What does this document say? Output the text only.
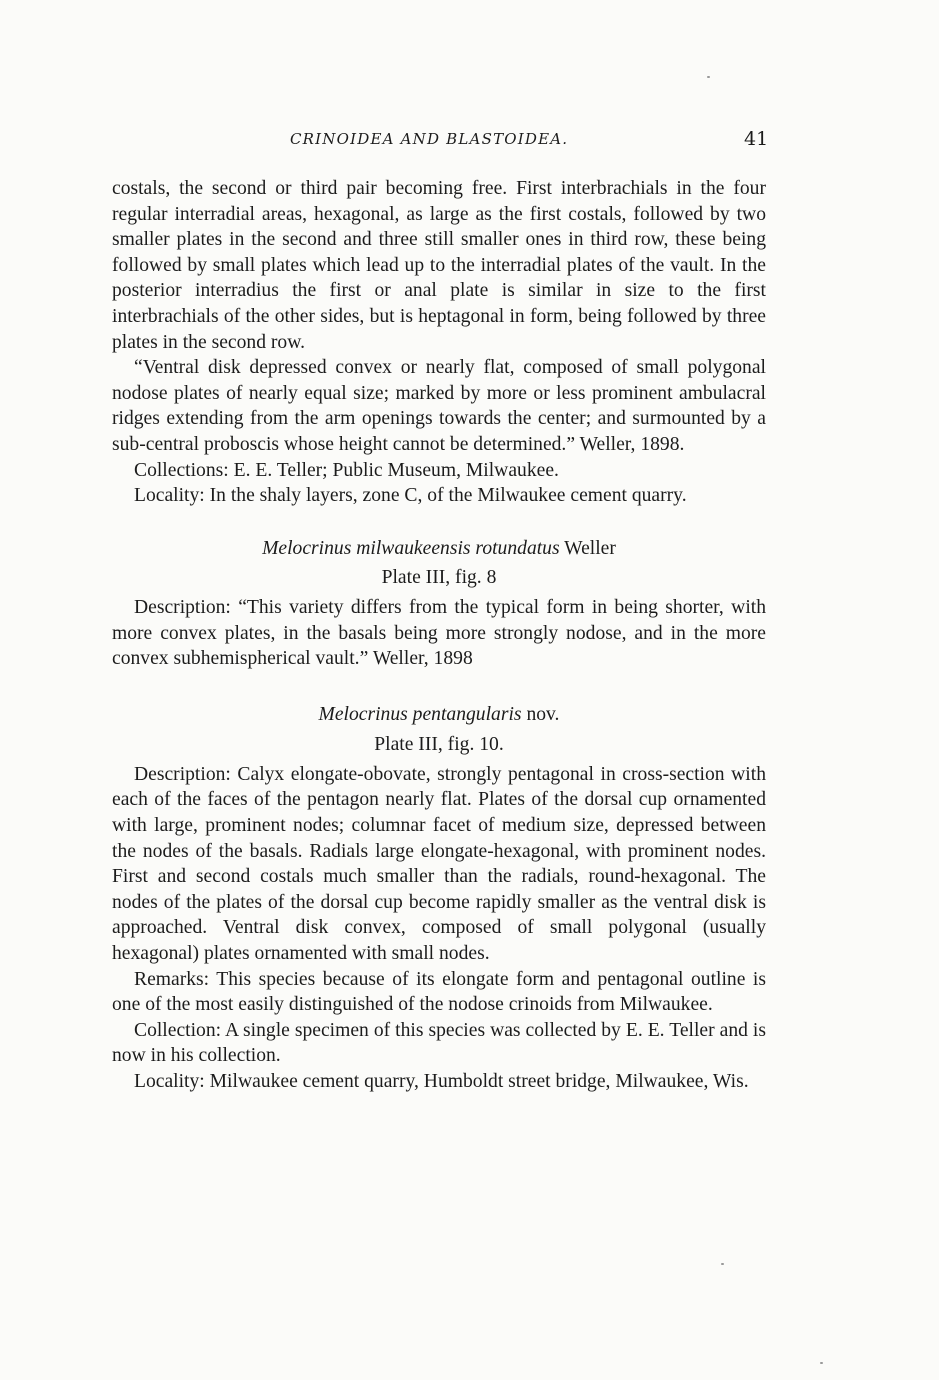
CRINOIDEA AND BLASTOIDEA.	41

costals, the second or third pair becoming free. First interbrachials in the four regular interradial areas, hexagonal, as large as the first costals, followed by two smaller plates in the second and three still smaller ones in third row, these being followed by small plates which lead up to the interradial plates of the vault. In the posterior interradius the first or anal plate is similar in size to the first interbrachials of the other sides, but is heptagonal in form, being followed by three plates in the second row.

“Ventral disk depressed convex or nearly flat, composed of small polygonal nodose plates of nearly equal size; marked by more or less prominent ambulacral ridges extending from the arm openings towards the center; and surmounted by a sub-central proboscis whose height cannot be determined.” Weller, 1898.

Collections: E. E. Teller; Public Museum, Milwaukee.

Locality: In the shaly layers, zone C, of the Milwaukee cement quarry.

Melocrinus milwaukeensis rotundatus Weller

Plate III, fig. 8

Description: “This variety differs from the typical form in being shorter, with more convex plates, in the basals being more strongly nodose, and in the more convex subhemispherical vault.” Weller, 1898

Melocrinus pentangularis nov.

Plate III, fig. 10.

Description: Calyx elongate-obovate, strongly pentagonal in cross-section with each of the faces of the pentagon nearly flat. Plates of the dorsal cup ornamented with large, prominent nodes; columnar facet of medium size, depressed between the nodes of the basals. Radials large elongate-hexagonal, with prominent nodes. First and second costals much smaller than the radials, round-hexagonal. The nodes of the plates of the dorsal cup become rapidly smaller as the ventral disk is approached. Ventral disk convex, composed of small polygonal (usually hexagonal) plates ornamented with small nodes.

Remarks: This species because of its elongate form and pentagonal outline is one of the most easily distinguished of the nodose crinoids from Milwaukee.

Collection: A single specimen of this species was collected by E. E. Teller and is now in his collection.

Locality: Milwaukee cement quarry, Humboldt street bridge, Milwaukee, Wis.
